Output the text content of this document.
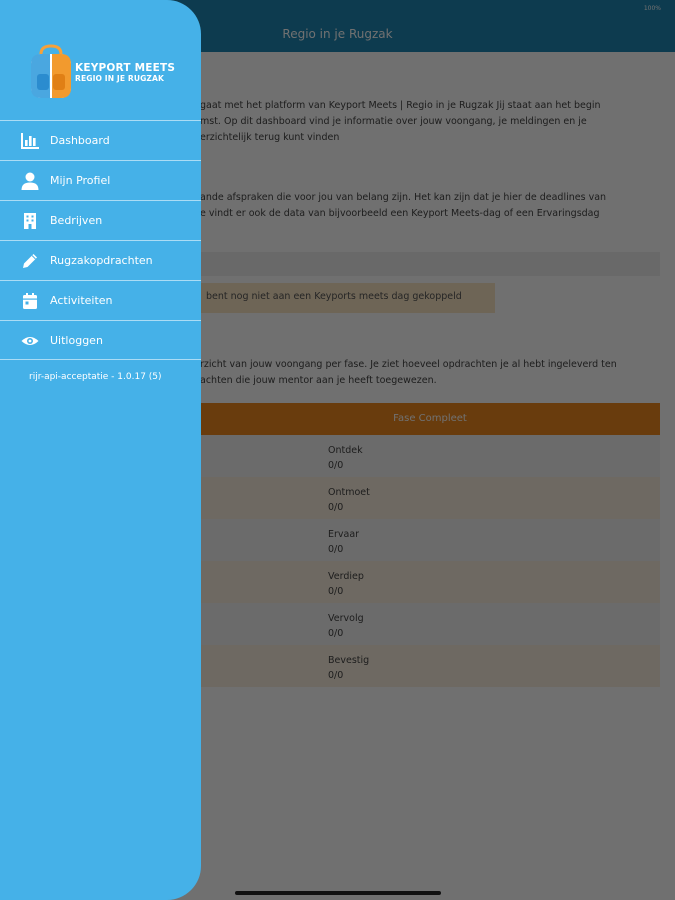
KEYPORT MEETS
REGIO IN JE RUGZAK
Dashboard
Mijn Profiel
Bedrijven
Rugzakopdrachten
Activiteiten
Uitloggen
rijr-api-acceptatie - 1.0.17 (5)
